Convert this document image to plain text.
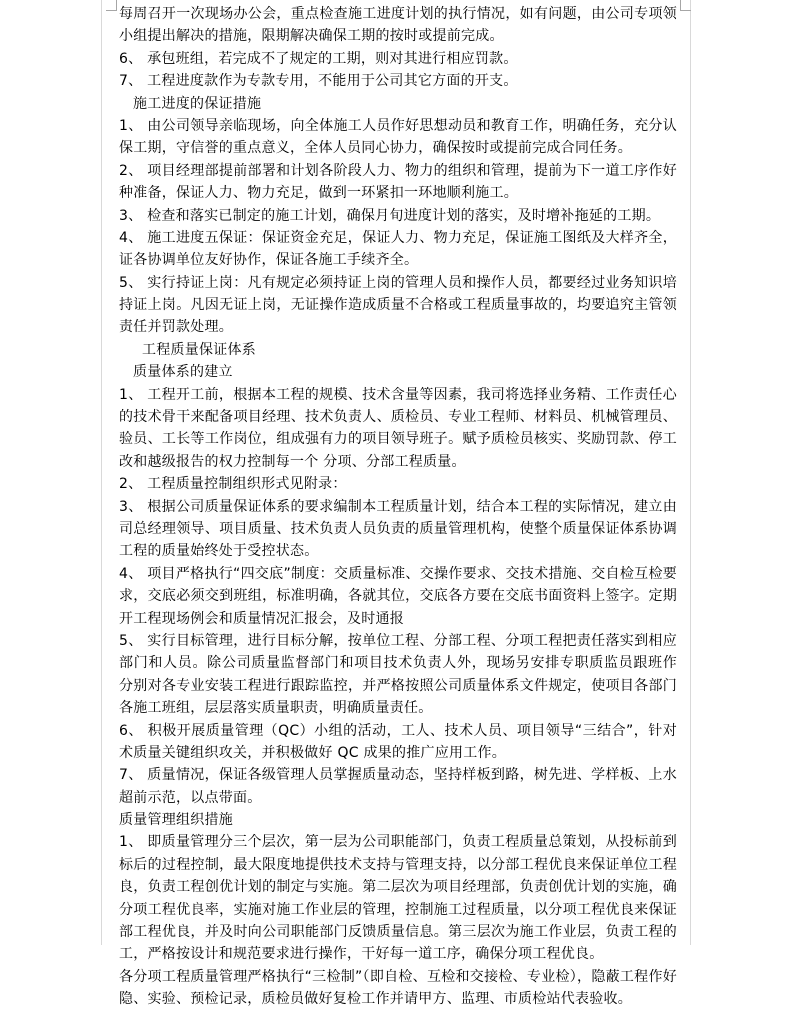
每周召开一次现场办公会，重点检查施工进度计划的执行情况，如有问题，由公司专项领
小组提出解决的措施，限期解决确保工期的按时或提前完成。
6、 承包班组，若完成不了规定的工期，则对其进行相应罚款。
7、 工程进度款作为专款专用，不能用于公司其它方面的开支。
施工进度的保证措施
1、 由公司领导亲临现场，向全体施工人员作好思想动员和教育工作，明确任务，充分认
保工期，守信誉的重点意义，全体人员同心协力，确保按时或提前完成合同任务。
2、 项目经理部提前部署和计划各阶段人力、物力的组织和管理，提前为下一道工序作好
种准备，保证人力、物力充足，做到一环紧扣一环地顺利施工。
3、 检查和落实已制定的施工计划，确保月旬进度计划的落实，及时增补拖延的工期。
4、 施工进度五保证：保证资金充足，保证人力、物力充足，保证施工图纸及大样齐全，
证各协调单位友好协作，保证各施工手续齐全。
5、 实行持证上岗：凡有规定必须持证上岗的管理人员和操作人员，都要经过业务知识培
持证上岗。凡因无证上岗，无证操作造成质量不合格或工程质量事故的，均要追究主管领
责任并罚款处理。
工程质量保证体系
质量体系的建立
1、 工程开工前，根据本工程的规模、技术含量等因素，我司将选择业务精、工作责任心
的技术骨干来配备项目经理、技术负责人、质检员、专业工程师、材料员、机械管理员、
验员、工长等工作岗位，组成强有力的项目领导班子。赋予质检员核实、奖励罚款、停工
改和越级报告的权力控制每一个 分项、分部工程质量。
2、 工程质量控制组织形式见附录：
3、 根据公司质量保证体系的要求编制本工程质量计划，结合本工程的实际情况，建立由
司总经理领导、项目质量、技术负责人员负责的质量管理机构，使整个质量保证体系协调
工程的质量始终处于受控状态。
4、 项目严格执行“四交底”制度：交质量标准、交操作要求、交技术措施、交自检互检要
求，交底必须交到班组，标准明确，各就其位，交底各方要在交底书面资料上签字。定期
开工程现场例会和质量情况汇报会，及时通报
5、 实行目标管理，进行目标分解，按单位工程、分部工程、分项工程把责任落实到相应
部门和人员。除公司质量监督部门和项目技术负责人外，现场另安排专职质监员跟班作
分别对各专业安装工程进行跟踪监控，并严格按照公司质量体系文件规定，使项目各部门
各施工班组，层层落实质量职责，明确质量责任。
6、 积极开展质量管理（QC）小组的活动，工人、技术人员、项目领导“三结合”，针对
术质量关键组织攻关，并积极做好 QC 成果的推广应用工作。
7、 质量情况，保证各级管理人员掌握质量动态，坚持样板到路，树先进、学样板、上水
超前示范，以点带面。
质量管理组织措施
1、 即质量管理分三个层次，第一层为公司职能部门，负责工程质量总策划，从投标前到
标后的过程控制，最大限度地提供技术支持与管理支持，以分部工程优良来保证单位工程
良，负责工程创优计划的制定与实施。第二层次为项目经理部，负责创优计划的实施，确
分项工程优良率，实施对施工作业层的管理，控制施工过程质量，以分项工程优良来保证
部工程优良，并及时向公司职能部门反馈质量信息。第三层次为施工作业层，负责工程的
工，严格按设计和规范要求进行操作，干好每一道工序，确保分项工程优良。
各分项工程质量管理严格执行“三检制”（即自检、互检和交接检、专业检），隐蔽工程作好
隐、实验、预检记录，质检员做好复检工作并请甲方、监理、市质检站代表验收。
